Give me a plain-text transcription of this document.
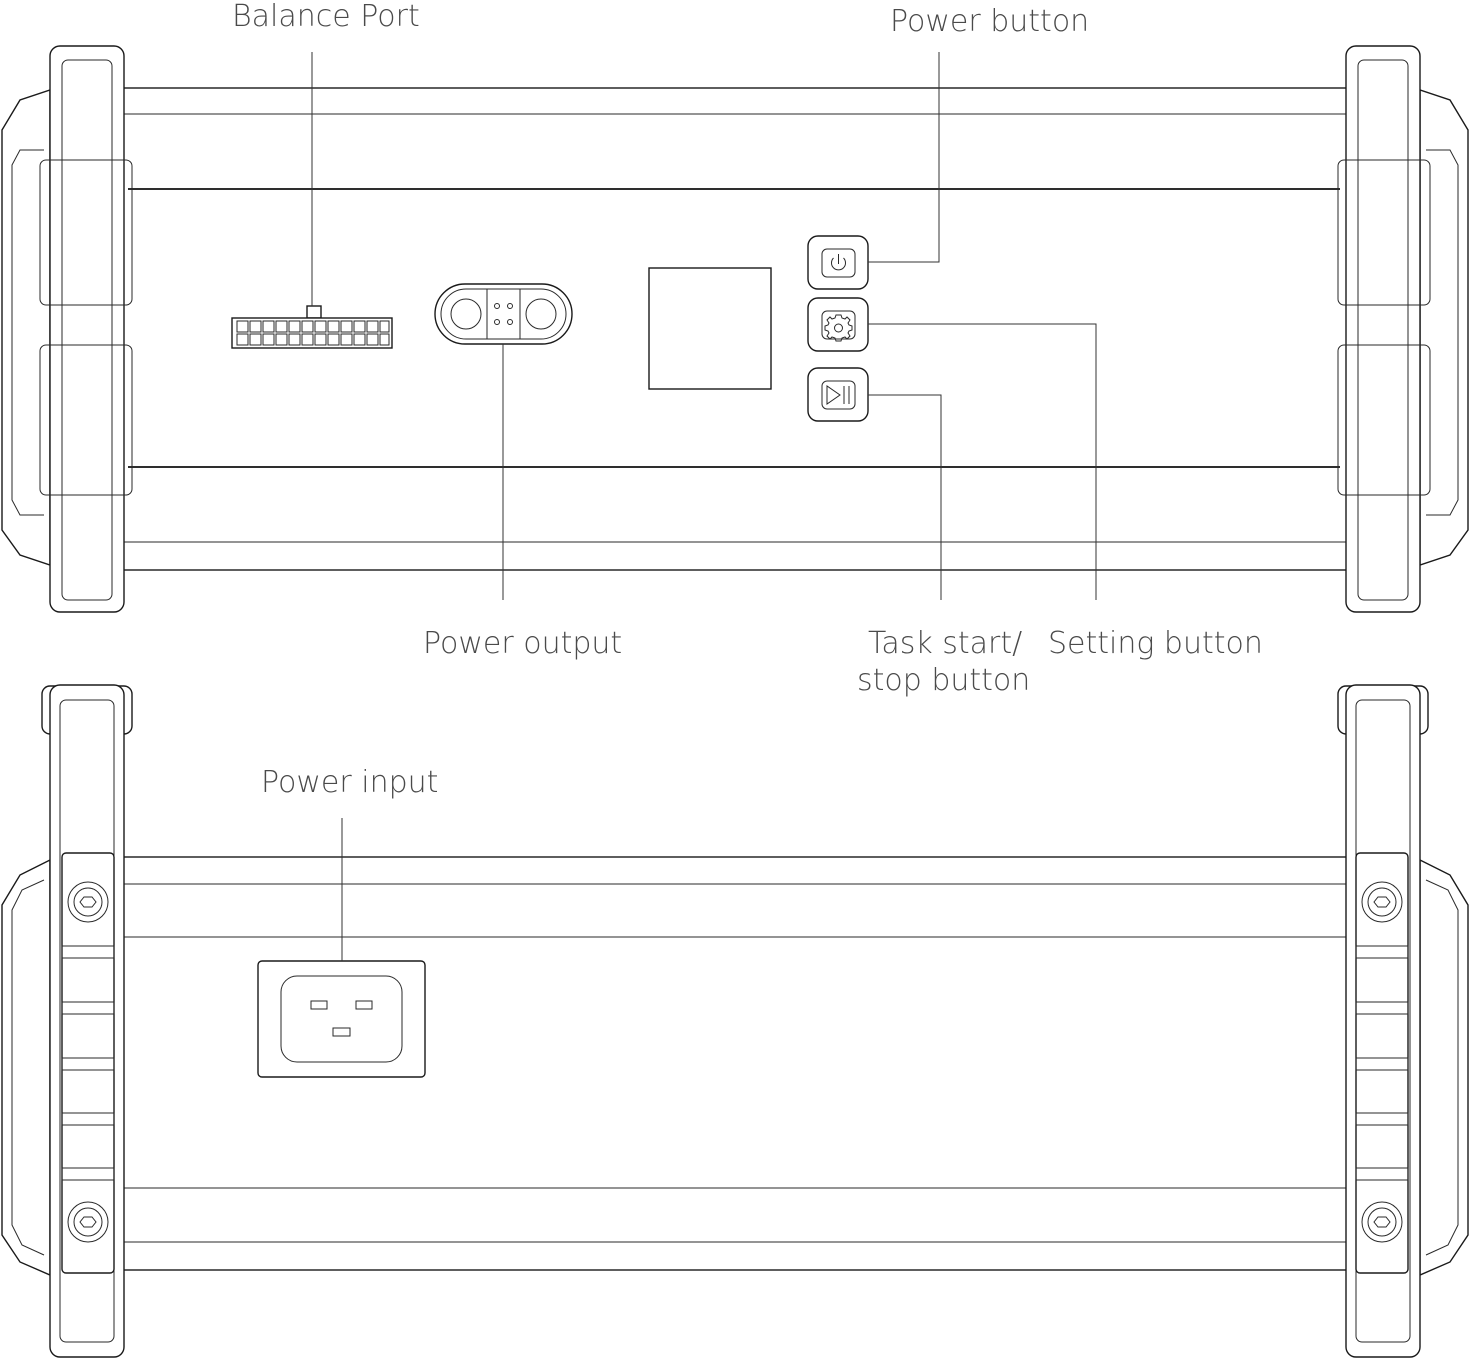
Balance Port	Power button
Power output	Task start/
stop button
Setting button
Power input
